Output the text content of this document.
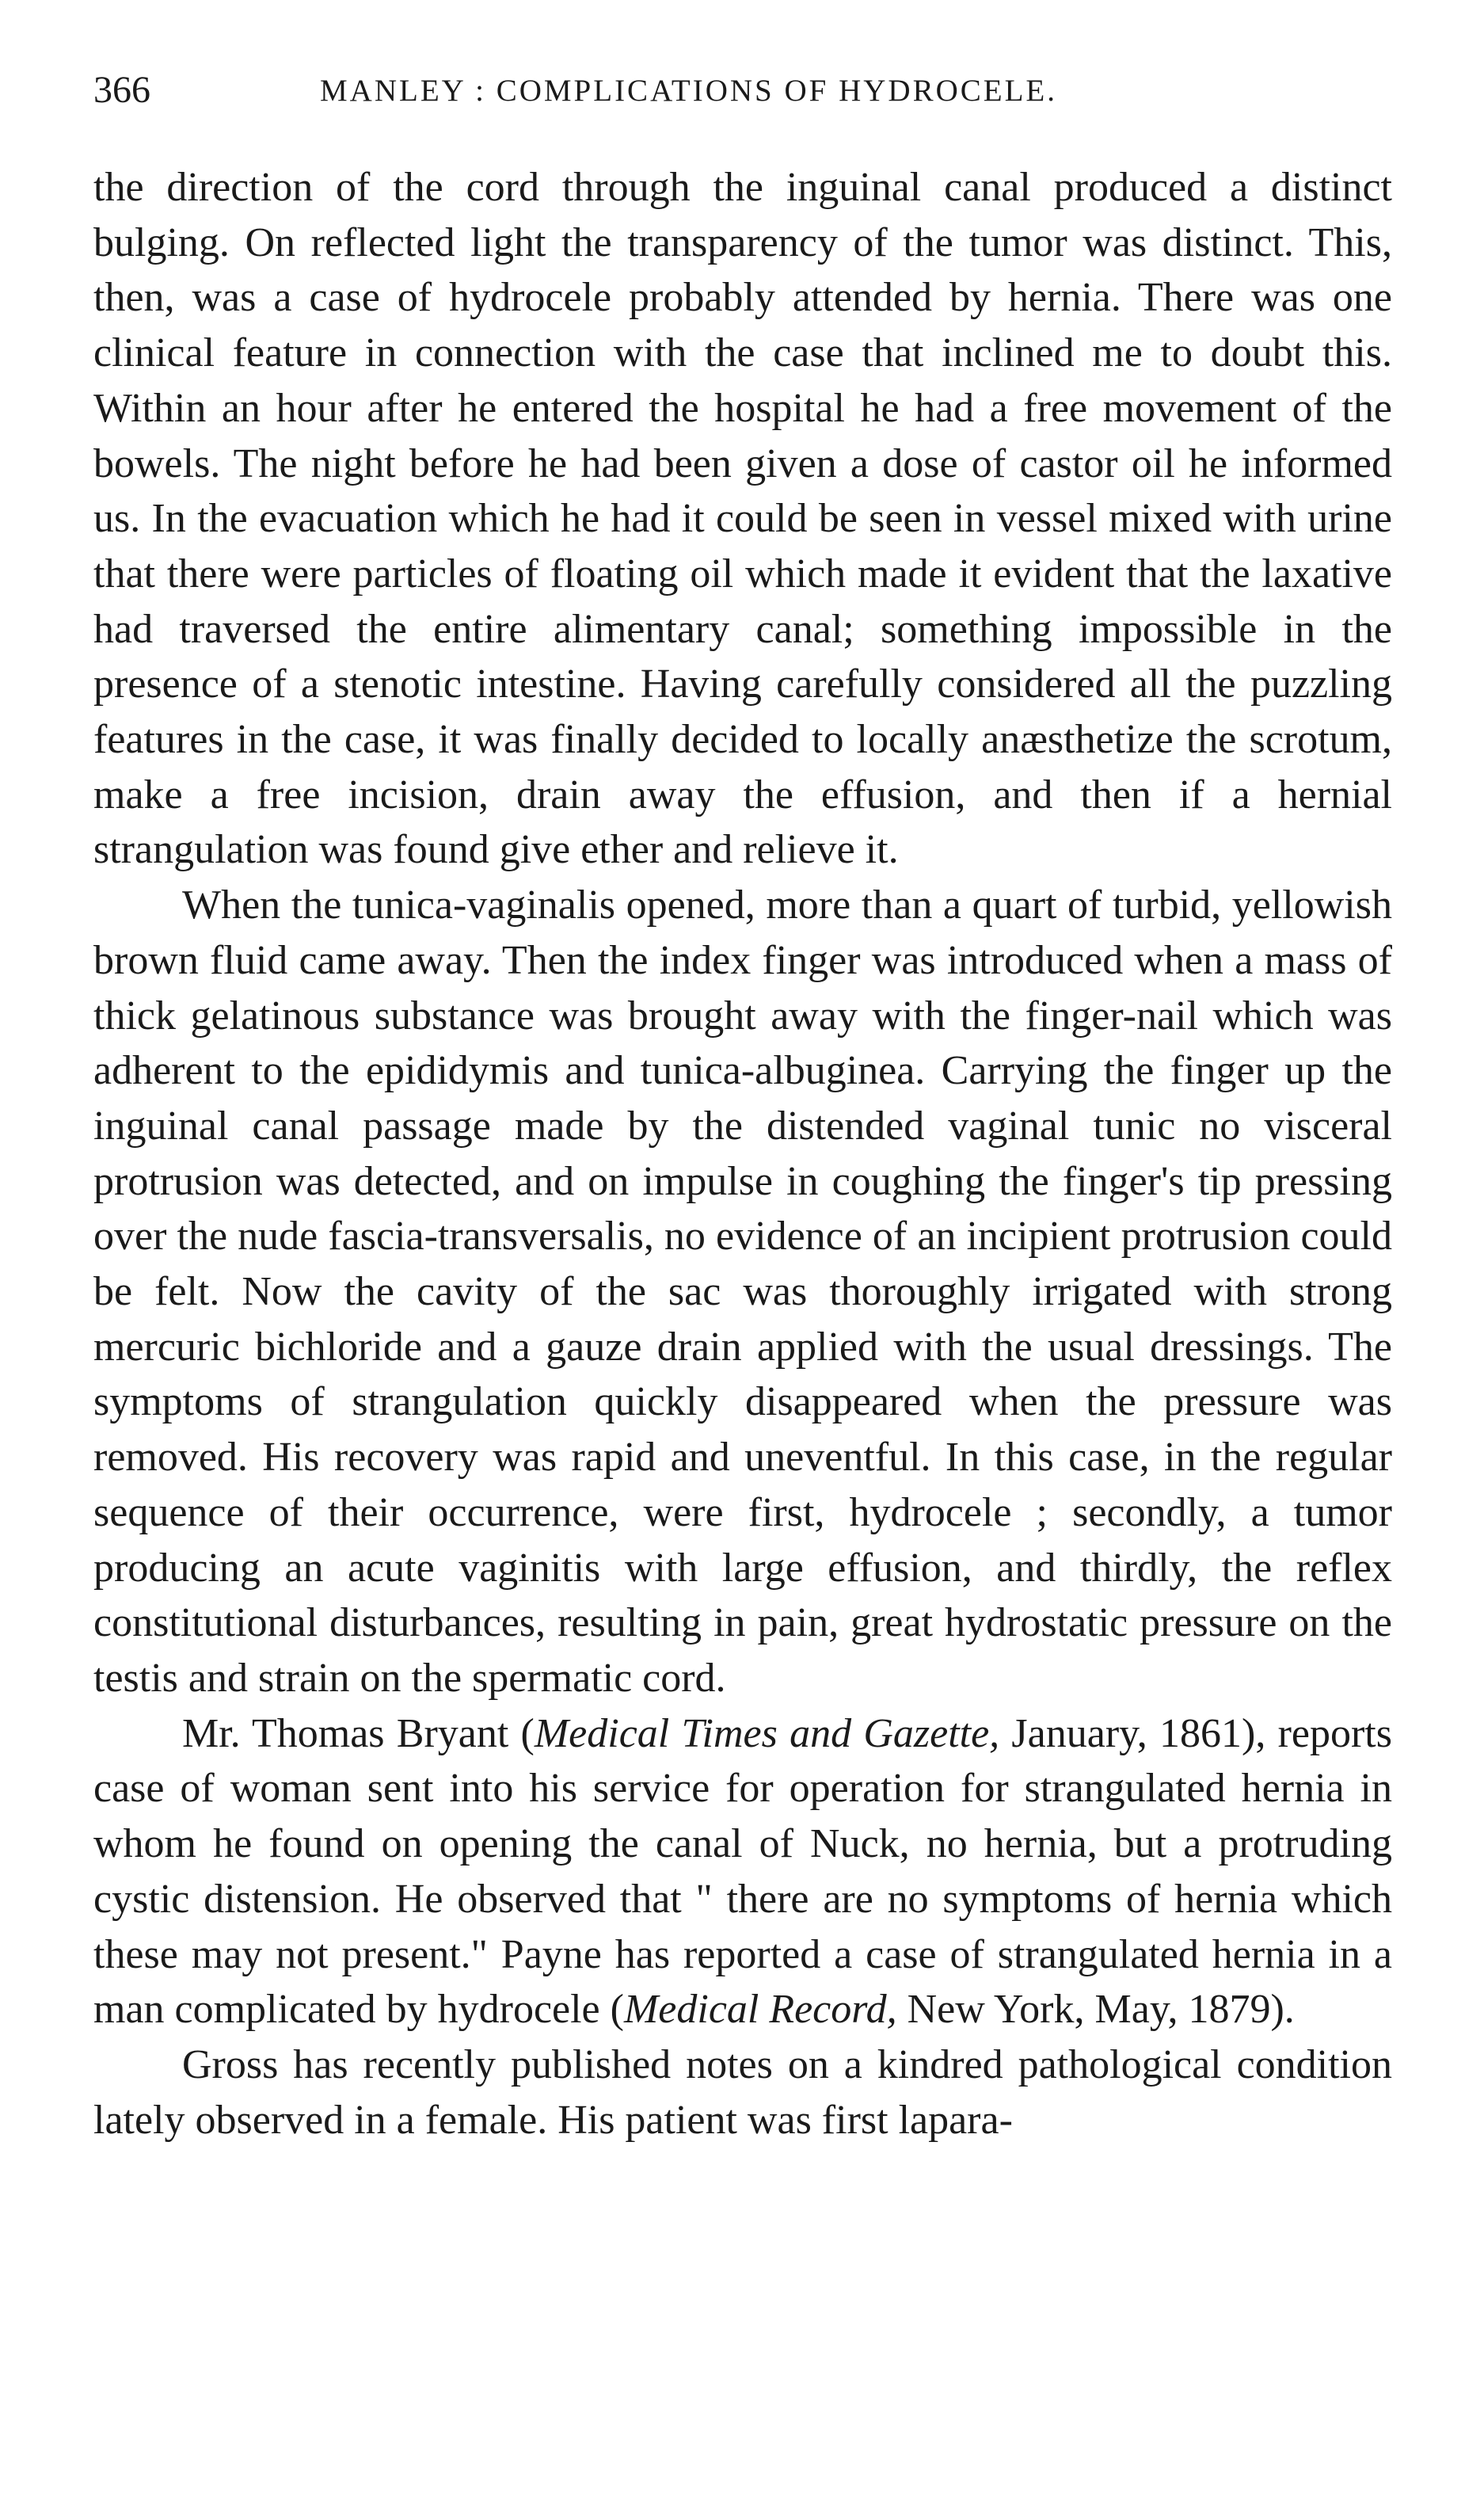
366	MANLEY : COMPLICATIONS OF HYDROCELE.

the direction of the cord through the inguinal canal produced a distinct bulging. On reflected light the transparency of the tumor was distinct. This, then, was a case of hydrocele probably attended by hernia. There was one clinical feature in connection with the case that inclined me to doubt this. Within an hour after he entered the hospital he had a free movement of the bowels. The night before he had been given a dose of castor oil he informed us. In the evacuation which he had it could be seen in vessel mixed with urine that there were particles of floating oil which made it evident that the laxative had traversed the entire alimentary canal; something impossible in the presence of a stenotic intestine. Having carefully considered all the puzzling features in the case, it was finally decided to locally anæsthetize the scrotum, make a free incision, drain away the effusion, and then if a hernial strangulation was found give ether and relieve it.

When the tunica-vaginalis opened, more than a quart of turbid, yellowish brown fluid came away. Then the index finger was introduced when a mass of thick gelatinous substance was brought away with the finger-nail which was adherent to the epididymis and tunica-albuginea. Carrying the finger up the inguinal canal passage made by the distended vaginal tunic no visceral protrusion was detected, and on impulse in coughing the finger's tip pressing over the nude fascia-transversalis, no evidence of an incipient protrusion could be felt. Now the cavity of the sac was thoroughly irrigated with strong mercuric bichloride and a gauze drain applied with the usual dressings. The symptoms of strangulation quickly disappeared when the pressure was removed. His recovery was rapid and uneventful. In this case, in the regular sequence of their occurrence, were first, hydrocele ; secondly, a tumor producing an acute vaginitis with large effusion, and thirdly, the reflex constitutional disturbances, resulting in pain, great hydrostatic pressure on the testis and strain on the spermatic cord.

Mr. Thomas Bryant (Medical Times and Gazette, January, 1861), reports case of woman sent into his service for operation for strangulated hernia in whom he found on opening the canal of Nuck, no hernia, but a protruding cystic distension. He observed that " there are no symptoms of hernia which these may not present." Payne has reported a case of strangulated hernia in a man complicated by hydrocele (Medical Record, New York, May, 1879).

Gross has recently published notes on a kindred pathological condition lately observed in a female. His patient was first lapara-
